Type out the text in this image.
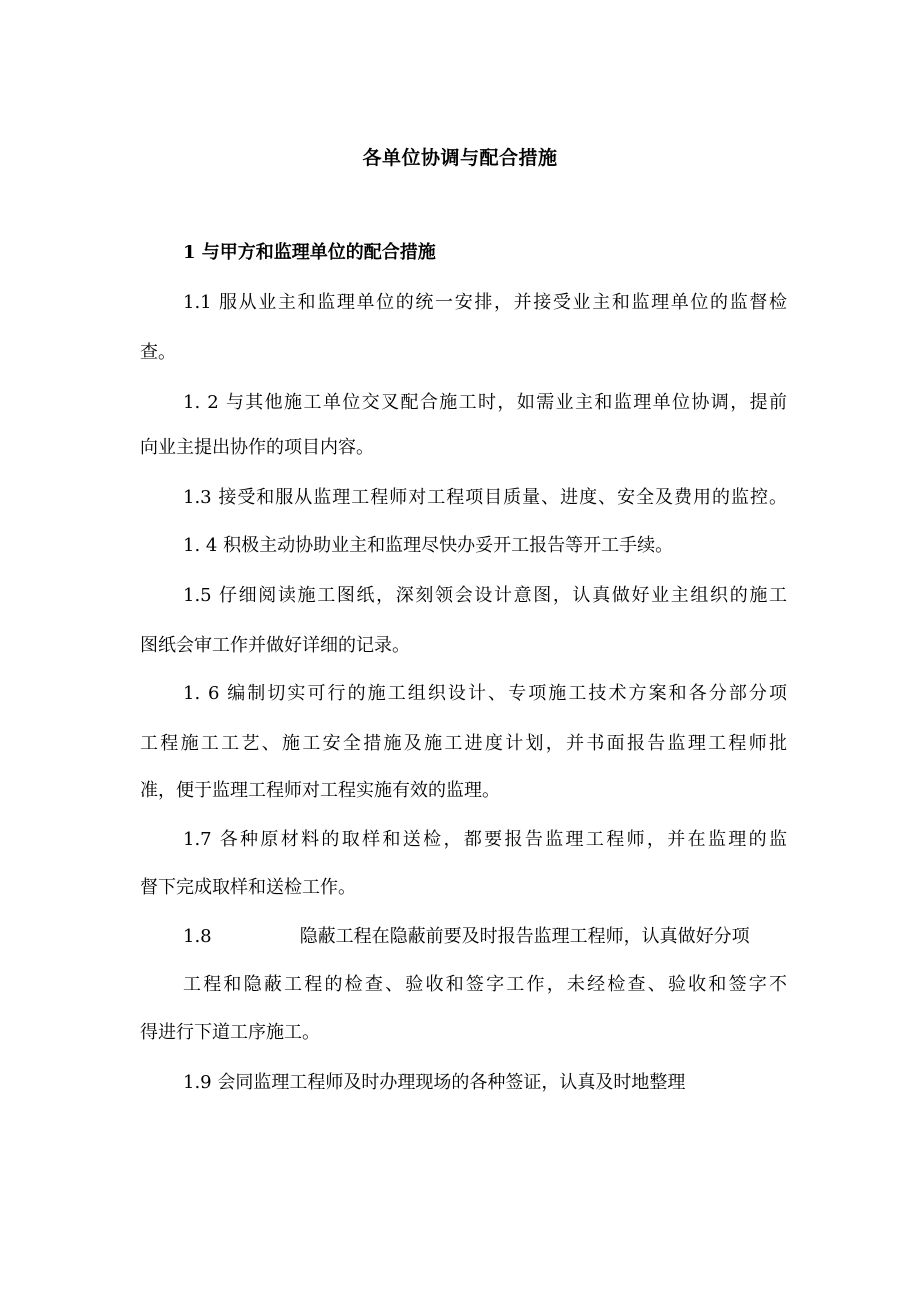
各单位协调与配合措施

1 与甲方和监理单位的配合措施

1.1 服从业主和监理单位的统一安排，并接受业主和监理单位的监督检

查。

1. 2 与其他施工单位交叉配合施工时，如需业主和监理单位协调，提前

向业主提出协作的项目内容。

1.3 接受和服从监理工程师对工程项目质量、进度、安全及费用的监控。

1. 4 积极主动协助业主和监理尽快办妥开工报告等开工手续。

1.5 仔细阅读施工图纸，深刻领会设计意图，认真做好业主组织的施工

图纸会审工作并做好详细的记录。

1. 6 编制切实可行的施工组织设计、专项施工技术方案和各分部分项

工程施工工艺、施工安全措施及施工进度计划，并书面报告监理工程师批

准，便于监理工程师对工程实施有效的监理。

1.7 各种原材料的取样和送检，都要报告监理工程师，并在监理的监

督下完成取样和送检工作。

1.8	隐蔽工程在隐蔽前要及时报告监理工程师，认真做好分项

工程和隐蔽工程的检查、验收和签字工作，未经检查、验收和签字不

得进行下道工序施工。

1.9 会同监理工程师及时办理现场的各种签证，认真及时地整理
